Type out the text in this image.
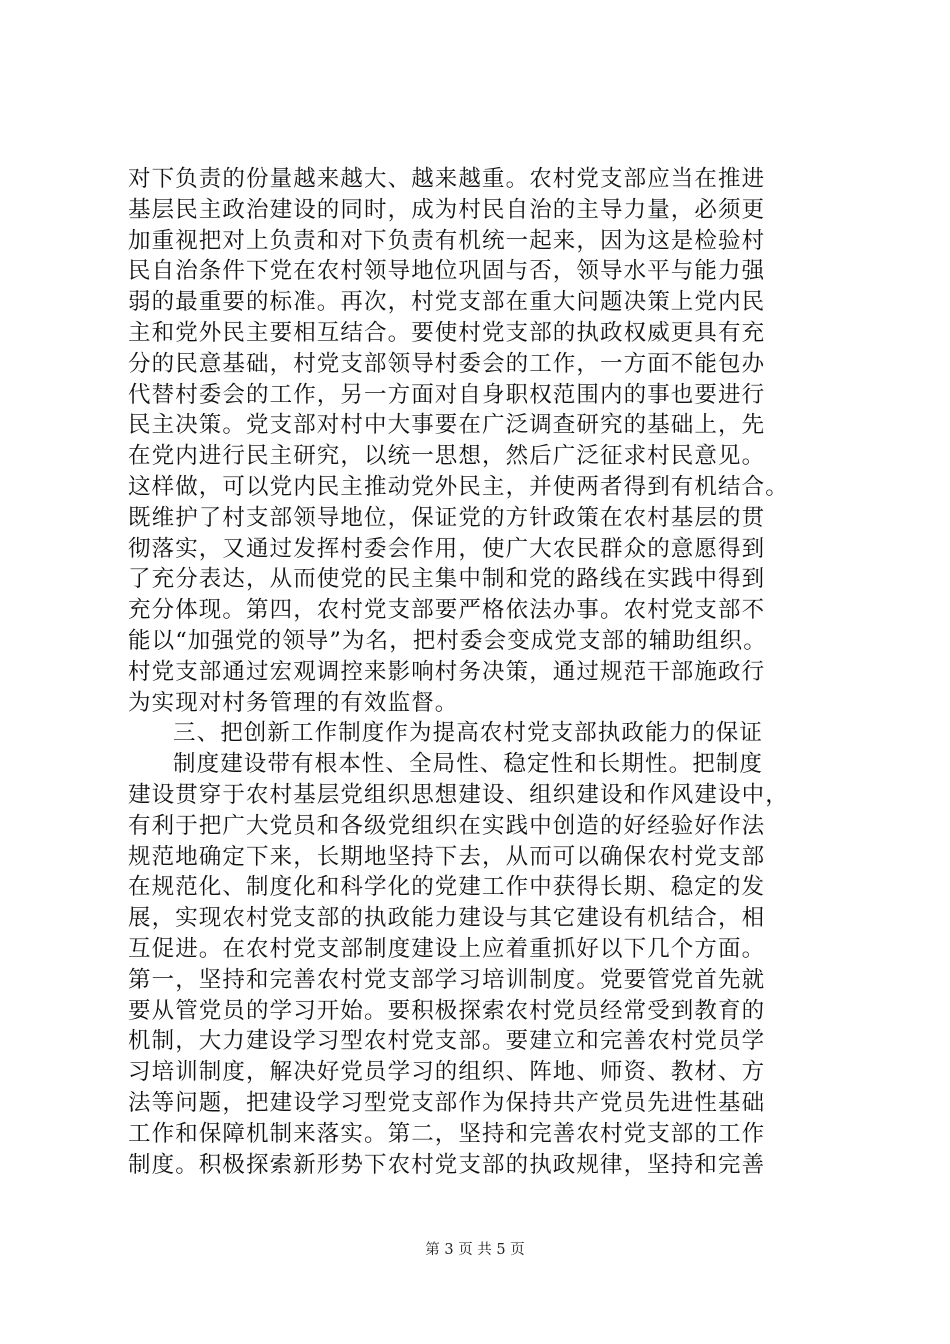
对下负责的份量越来越大、越来越重。农村党支部应当在推进
基层民主政治建设的同时，成为村民自治的主导力量，必须更
加重视把对上负责和对下负责有机统一起来，因为这是检验村
民自治条件下党在农村领导地位巩固与否，领导水平与能力强
弱的最重要的标准。再次，村党支部在重大问题决策上党内民
主和党外民主要相互结合。要使村党支部的执政权威更具有充
分的民意基础，村党支部领导村委会的工作，一方面不能包办
代替村委会的工作，另一方面对自身职权范围内的事也要进行
民主决策。党支部对村中大事要在广泛调查研究的基础上，先
在党内进行民主研究，以统一思想，然后广泛征求村民意见。
这样做，可以党内民主推动党外民主，并使两者得到有机结合。
既维护了村支部领导地位，保证党的方针政策在农村基层的贯
彻落实，又通过发挥村委会作用，使广大农民群众的意愿得到
了充分表达，从而使党的民主集中制和党的路线在实践中得到
充分体现。第四，农村党支部要严格依法办事。农村党支部不
能以“加强党的领导”为名，把村委会变成党支部的辅助组织。
村党支部通过宏观调控来影响村务决策，通过规范干部施政行
为实现对村务管理的有效监督。
三、把创新工作制度作为提高农村党支部执政能力的保证
制度建设带有根本性、全局性、稳定性和长期性。把制度
建设贯穿于农村基层党组织思想建设、组织建设和作风建设中，
有利于把广大党员和各级党组织在实践中创造的好经验好作法
规范地确定下来，长期地坚持下去，从而可以确保农村党支部
在规范化、制度化和科学化的党建工作中获得长期、稳定的发
展，实现农村党支部的执政能力建设与其它建设有机结合，相
互促进。在农村党支部制度建设上应着重抓好以下几个方面。
第一，坚持和完善农村党支部学习培训制度。党要管党首先就
要从管党员的学习开始。要积极探索农村党员经常受到教育的
机制，大力建设学习型农村党支部。要建立和完善农村党员学
习培训制度，解决好党员学习的组织、阵地、师资、教材、方
法等问题，把建设学习型党支部作为保持共产党员先进性基础
工作和保障机制来落实。第二，坚持和完善农村党支部的工作
制度。积极探索新形势下农村党支部的执政规律，坚持和完善
第 3 页 共 5 页
